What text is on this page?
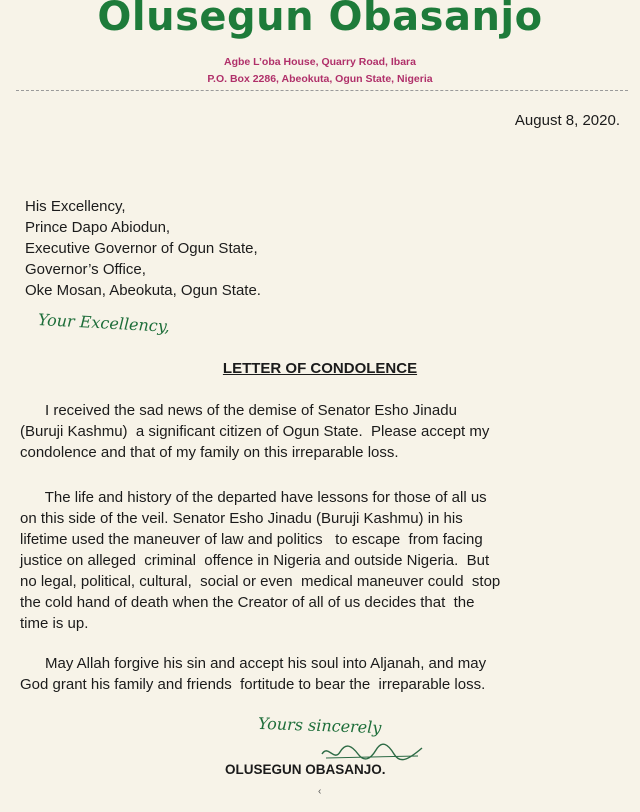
Olusegun Obasanjo
Agbe L’oba House, Quarry Road, Ibara
P.O. Box 2286, Abeokuta, Ogun State, Nigeria
August 8, 2020.
His Excellency,
Prince Dapo Abiodun,
Executive Governor of Ogun State,
Governor’s Office,
Oke Mosan, Abeokuta, Ogun State.
Your Excellency,
LETTER OF CONDOLENCE
I received the sad news of the demise of Senator Esho Jinadu
(Buruji Kashmu)  a significant citizen of Ogun State.  Please accept my
condolence and that of my family on this irreparable loss.
The life and history of the departed have lessons for those of all us
on this side of the veil. Senator Esho Jinadu (Buruji Kashmu) in his
lifetime used the maneuver of law and politics   to escape  from facing
justice on alleged  criminal  offence in Nigeria and outside Nigeria.  But
no legal, political, cultural,  social or even  medical maneuver could  stop
the cold hand of death when the Creator of all of us decides that  the
time is up.
May Allah forgive his sin and accept his soul into Aljanah, and may
God grant his family and friends  fortitude to bear the  irreparable loss.
Yours sincerely
OLUSEGUN OBASANJO.
‹
